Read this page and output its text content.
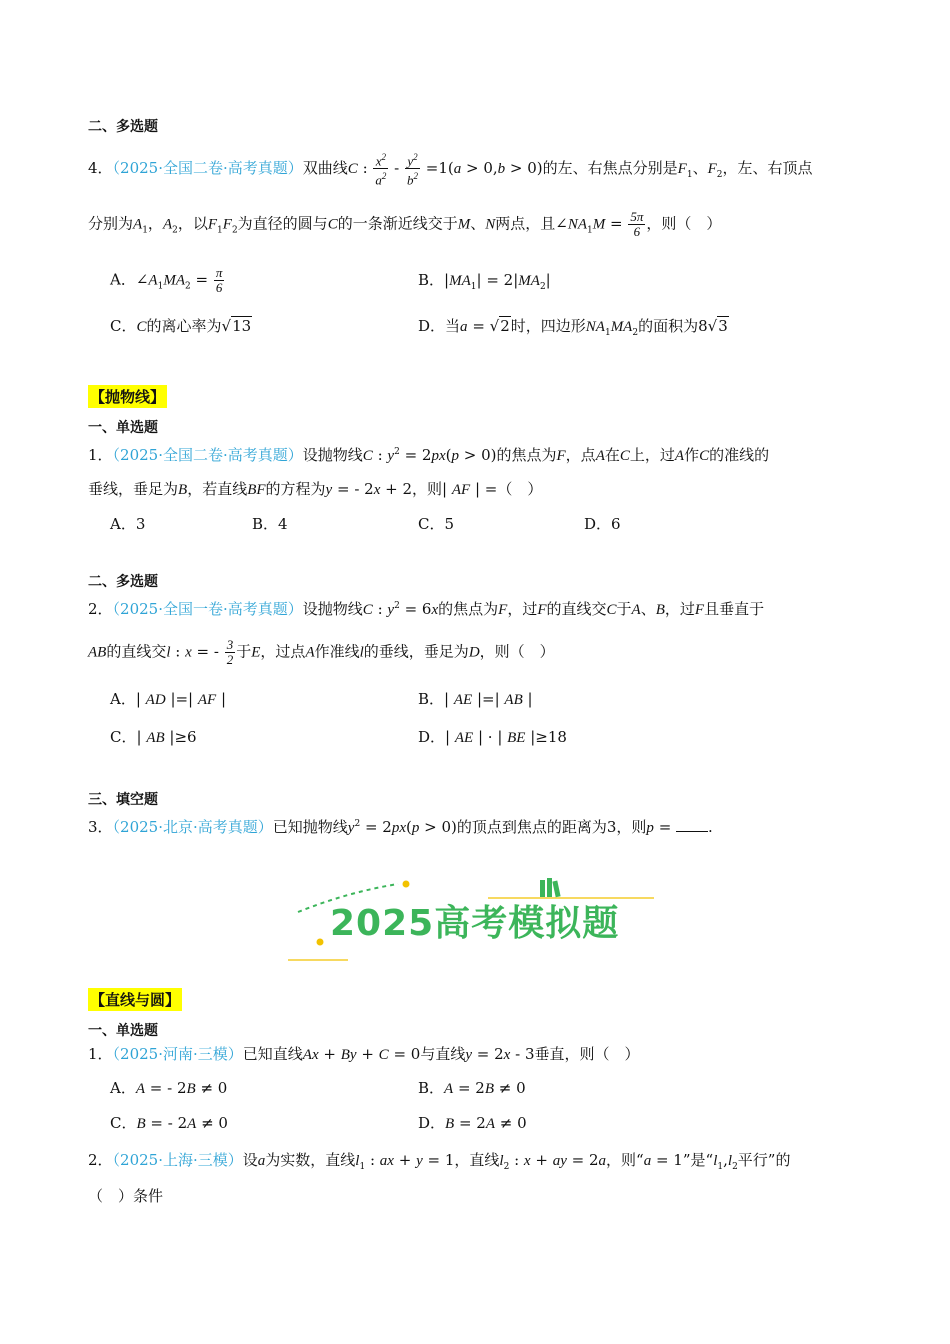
二、多选题
4．（2025·全国二卷·高考真题）双曲线C : $\frac{x^2}{a^2} - \frac{y^2}{b^2} =1(a > 0,b > 0)$的左、右焦点分别是$F_1$、$F_2$，左、右顶点
分别为$A_1$，$A_2$，以$F_1F_2$为直径的圆与C的一条渐近线交于M、N两点，且$\angle NA_1M = \frac{5\pi}{6}$ ，则（　）
A．$\angle A_1MA_2 = \frac{\pi}{6}$	B．$|MA_1| = 2|MA_2|$
C．C的离心率为√13	D．当a = √2时，四边形$NA_1MA_2$的面积为8√3
【抛物线】
一、单选题
1．（2025·全国二卷·高考真题）设抛物线C : $y^2 = 2px(p > 0)$的焦点为F，点A在C上，过A作C的准线的
垂线，垂足为B，若直线BF的方程为y = - 2x + 2，则| AF | =（　）
A．3	B．4	C．5	D．6
二、多选题
2．（2025·全国一卷·高考真题）设抛物线C : $y^2 = 6x$的焦点为F，过F的直线交C于A、B，过F且垂直于
AB的直线交l : x = - $\frac{3}{2}$ 于E，过点A作准线l的垂线，垂足为D，则（　）
A．| AD |=| AF |	B．| AE |=| AB |
C．| AB |≥6	D．| AE | · | BE |≥18
三、填空题
3．（2025·北京·高考真题）已知抛物线$y^2 = 2px(p > 0)$的顶点到焦点的距离为3，则p = .
2025高考模拟题
【直线与圆】
一、单选题
1．（2025·河南·三模）已知直线Ax + By + C = 0与直线y = 2x - 3垂直，则（　）
A．A = - 2B ≠ 0	B．A = 2B ≠ 0
C．B = - 2A ≠ 0	D．B = 2A ≠ 0
2．（2025·上海·三模）设a为实数，直线$l_1$ : ax + y = 1，直线$l_2$ : x + ay = 2a，则“a = 1”是“$l_1,l_2$平行”的
（　）条件
